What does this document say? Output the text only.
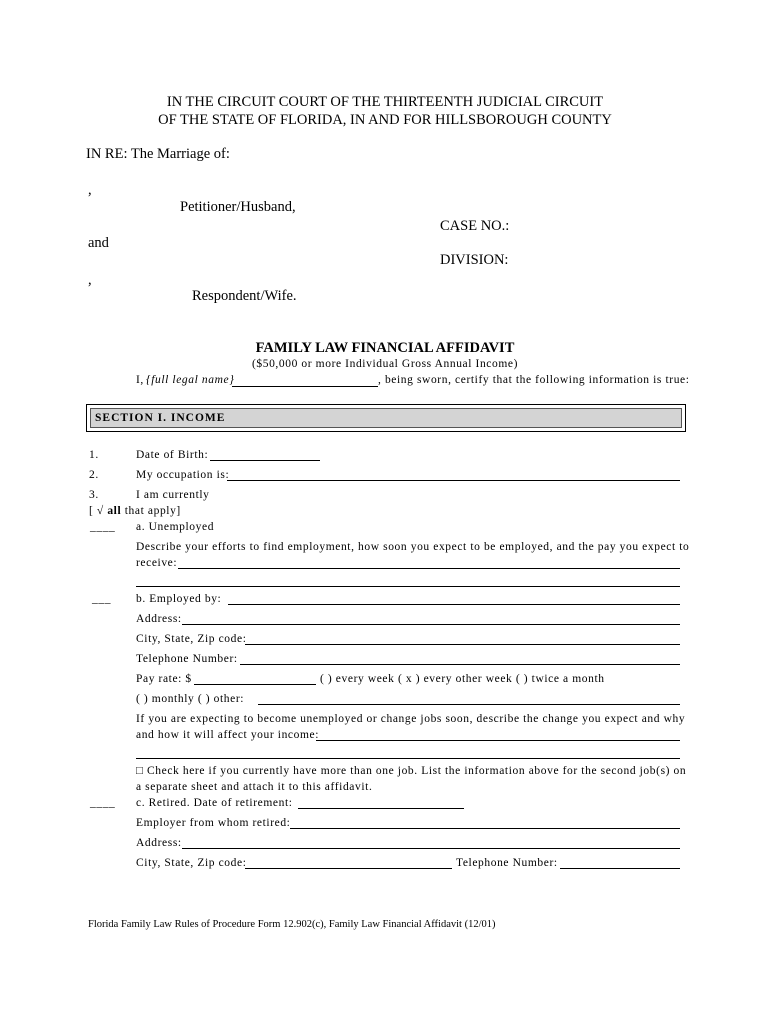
IN THE CIRCUIT COURT OF THE THIRTEENTH JUDICIAL CIRCUIT
OF THE STATE OF FLORIDA, IN AND FOR HILLSBOROUGH COUNTY
IN RE: The Marriage of:
,
Petitioner/Husband,
CASE NO.:
and
DIVISION:
,
Respondent/Wife.
FAMILY LAW FINANCIAL AFFIDAVIT
($50,000 or more Individual Gross Annual Income)
I, {full legal name}	, being sworn, certify that the following information is true:
SECTION I. INCOME
1.	Date of Birth:
2.	My occupation is:
3.	I am currently
[ √ all that apply]
____ a. Unemployed
Describe your efforts to find employment, how soon you expect to be employed, and the pay you expect to
receive:
___ b. Employed by:
Address:
City, State, Zip code:
Telephone Number:
Pay rate: $	( ) every week ( x ) every other week ( ) twice a month
( ) monthly ( ) other:
If you are expecting to become unemployed or change jobs soon, describe the change you expect and why
and how it will affect your income:
□ Check here if you currently have more than one job. List the information above for the second job(s) on
a separate sheet and attach it to this affidavit.
____ c. Retired. Date of retirement:
Employer from whom retired:
Address:
City, State, Zip code:	Telephone Number:
Florida Family Law Rules of Procedure Form 12.902(c), Family Law Financial Affidavit (12/01)
